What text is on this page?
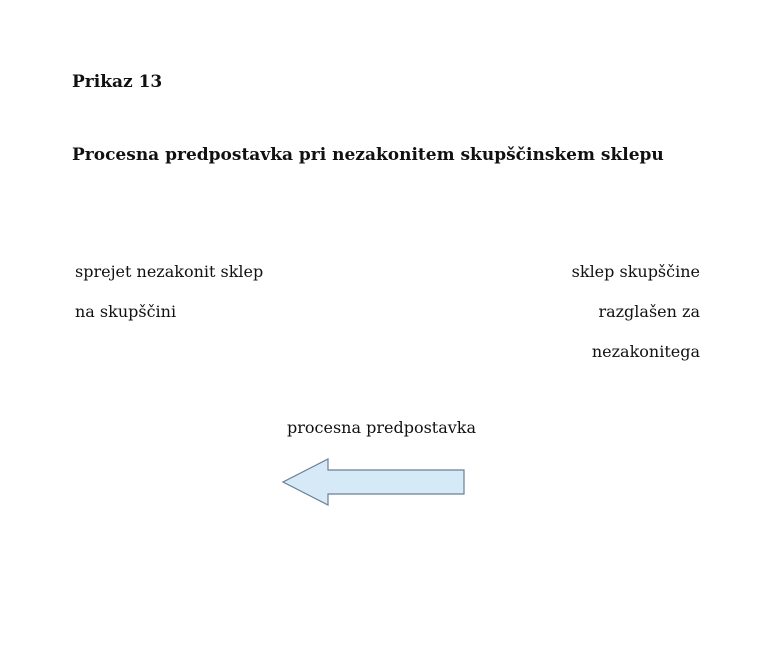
Prikaz 13
Procesna predpostavka pri nezakonitem skupščinskem sklepu
sprejet nezakonit sklep
na skupščini
sklep skupščine
razglašen za
nezakonitega
procesna predpostavka
